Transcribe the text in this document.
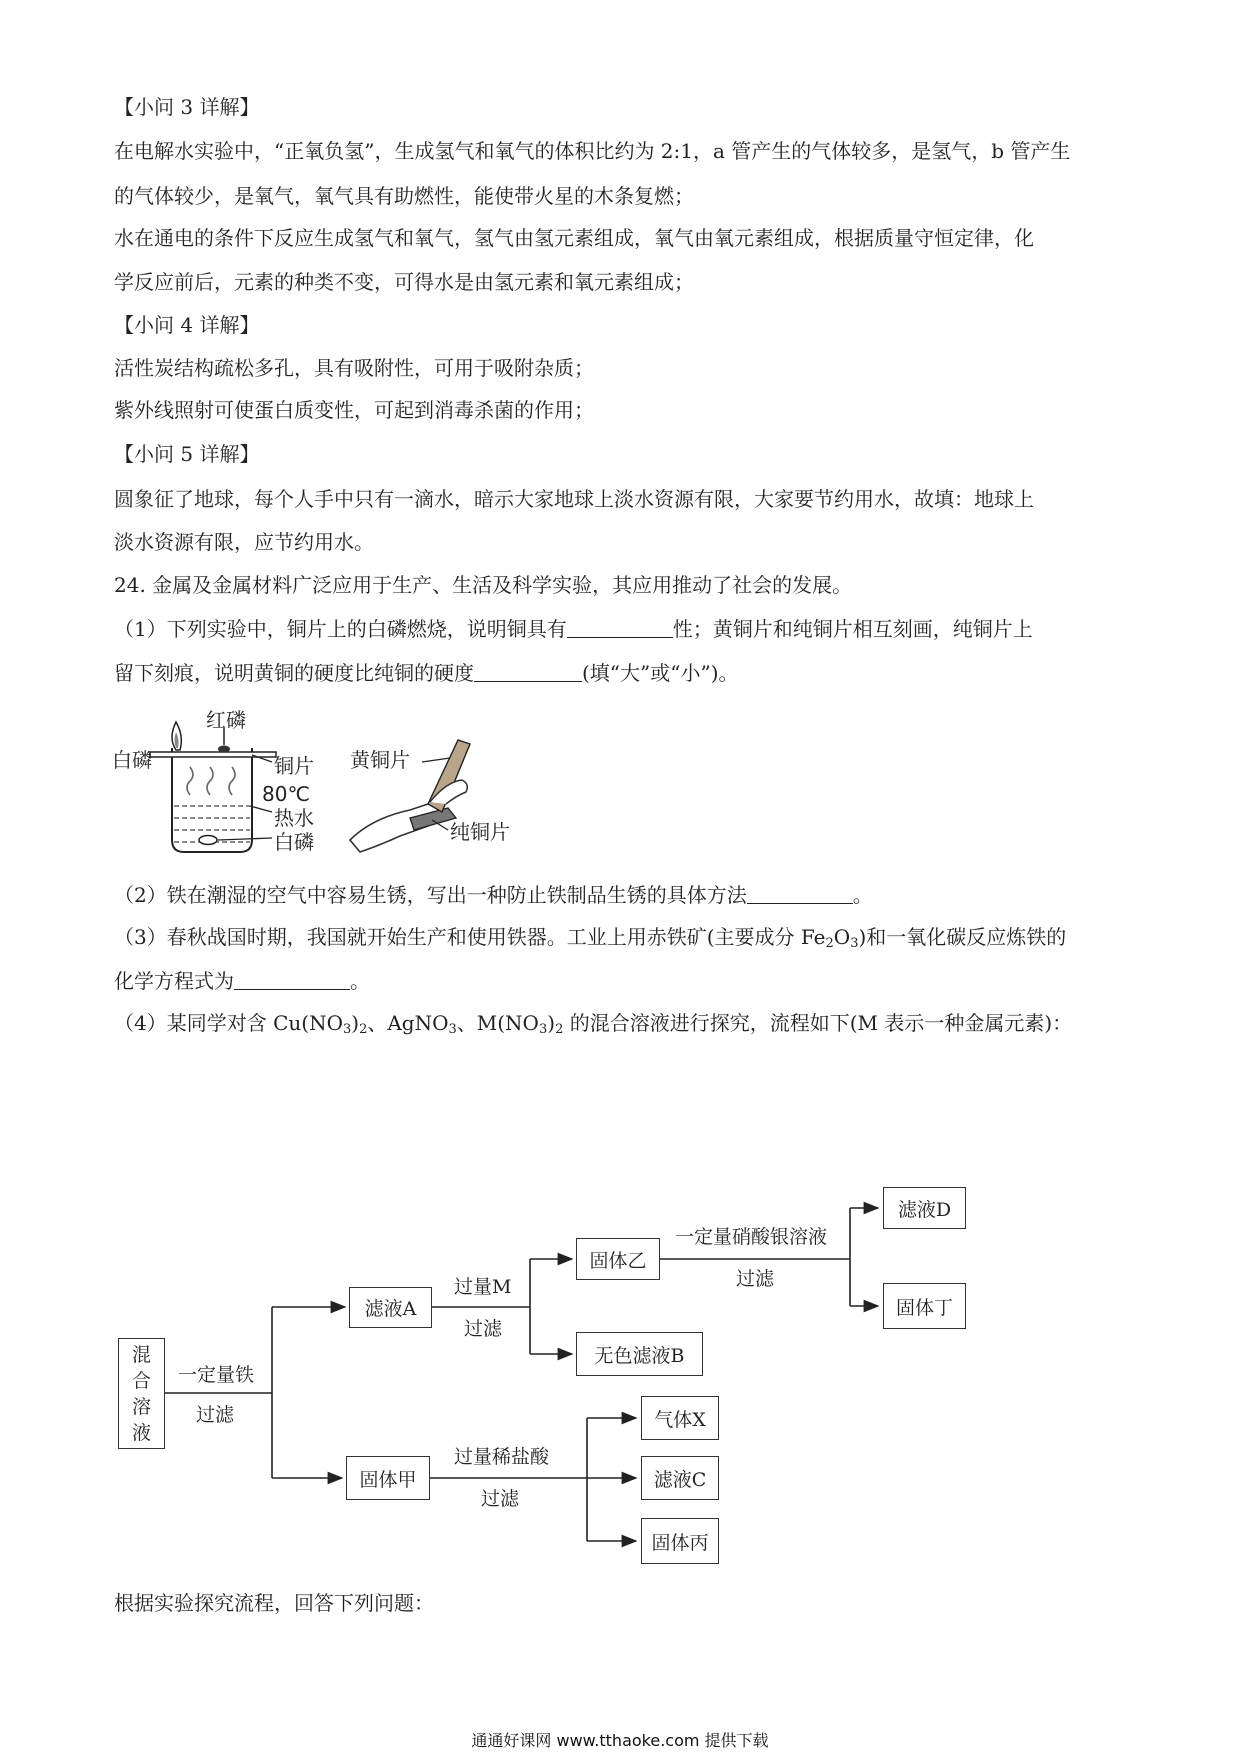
【小问 3 详解】
在电解水实验中，“正氧负氢”，生成氢气和氧气的体积比约为 2:1，a 管产生的气体较多，是氢气，b 管产生
的气体较少，是氧气，氧气具有助燃性，能使带火星的木条复燃；
水在通电的条件下反应生成氢气和氧气，氢气由氢元素组成，氧气由氧元素组成，根据质量守恒定律，化
学反应前后，元素的种类不变，可得水是由氢元素和氧元素组成；
【小问 4 详解】
活性炭结构疏松多孔，具有吸附性，可用于吸附杂质；
紫外线照射可使蛋白质变性，可起到消毒杀菌的作用；
【小问 5 详解】
圆象征了地球，每个人手中只有一滴水，暗示大家地球上淡水资源有限，大家要节约用水，故填：地球上
淡水资源有限，应节约用水。
24. 金属及金属材料广泛应用于生产、生活及科学实验，其应用推动了社会的发展。
（1）下列实验中，铜片上的白磷燃烧，说明铜具有	性；黄铜片和纯铜片相互刻画，纯铜片上
留下刻痕，说明黄铜的硬度比纯铜的硬度	(填“大”或“小”)。
红磷
白磷	铜片
80℃
热水
白磷
黄铜片
纯铜片
（2）铁在潮湿的空气中容易生锈，写出一种防止铁制品生锈的具体方法	。
（3）春秋战国时期，我国就开始生产和使用铁器。工业上用赤铁矿(主要成分 $Fe_2O_3$)和一氧化碳反应炼铁的
化学方程式为	。
（4）某同学对含 $Cu(NO_3)_2$、AgNO$_3$、$M(NO_3)_2$ 的混合溶液进行探究，流程如下(M 表示一种金属元素)：
混
合
溶
液
一定量铁
过滤
滤液A
过量M
过滤
固体乙
无色滤液B
一定量硝酸银溶液
过滤
滤液D
固体丁
固体甲
过量稀盐酸
过滤
气体X
滤液C
固体丙
根据实验探究流程，回答下列问题：
通通好课网 www.tthaoke.com 提供下载
